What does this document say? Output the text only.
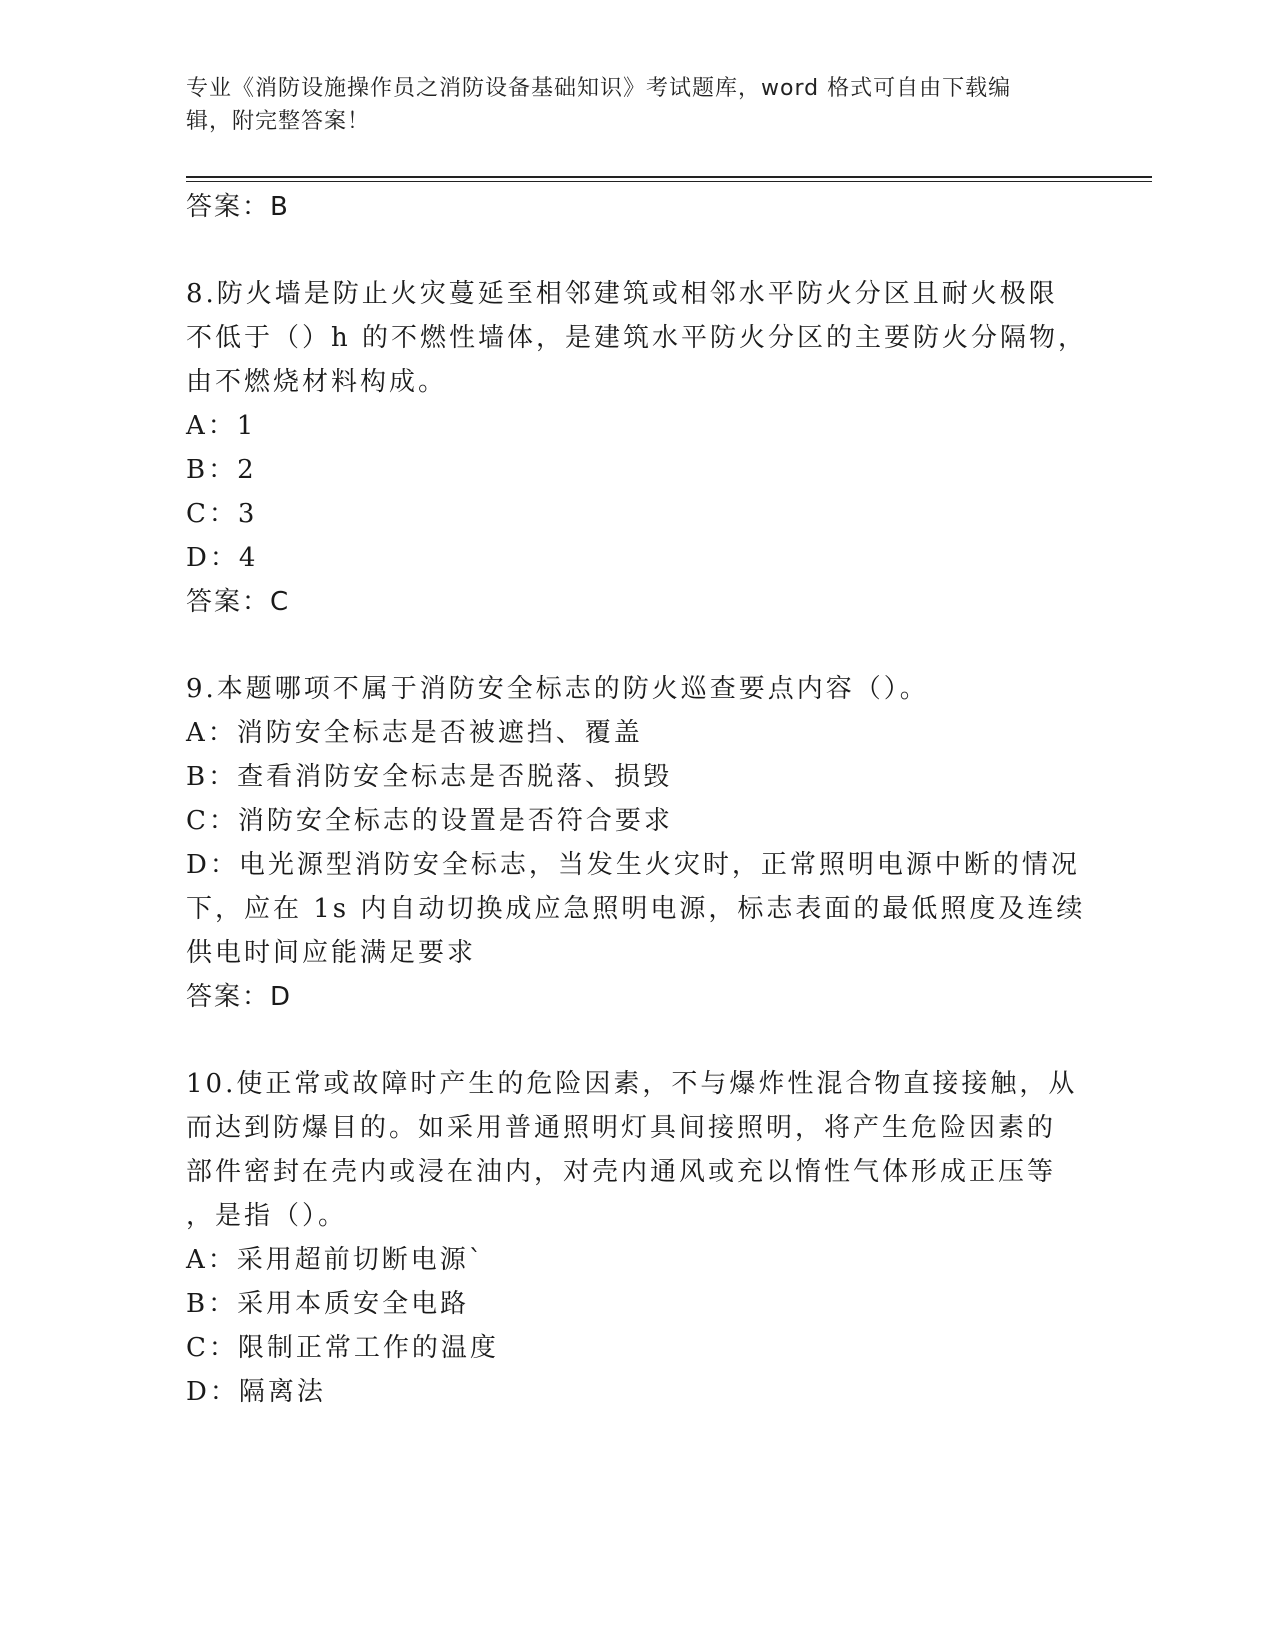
专业《消防设施操作员之消防设备基础知识》考试题库，word 格式可自由下载编
辑，附完整答案！
答案：B
8.防火墙是防止火灾蔓延至相邻建筑或相邻水平防火分区且耐火极限
不低于（）h 的不燃性墙体，是建筑水平防火分区的主要防火分隔物，
由不燃烧材料构成。
A：1
B：2
C：3
D：4
答案：C
9.本题哪项不属于消防安全标志的防火巡查要点内容（）。
A：消防安全标志是否被遮挡、覆盖
B：查看消防安全标志是否脱落、损毁
C：消防安全标志的设置是否符合要求
D：电光源型消防安全标志，当发生火灾时，正常照明电源中断的情况
下，应在 1s 内自动切换成应急照明电源，标志表面的最低照度及连续
供电时间应能满足要求
答案：D
10.使正常或故障时产生的危险因素，不与爆炸性混合物直接接触，从
而达到防爆目的。如采用普通照明灯具间接照明，将产生危险因素的
部件密封在壳内或浸在油内，对壳内通风或充以惰性气体形成正压等
，是指（）。
A：采用超前切断电源`
B：采用本质安全电路
C：限制正常工作的温度
D：隔离法
